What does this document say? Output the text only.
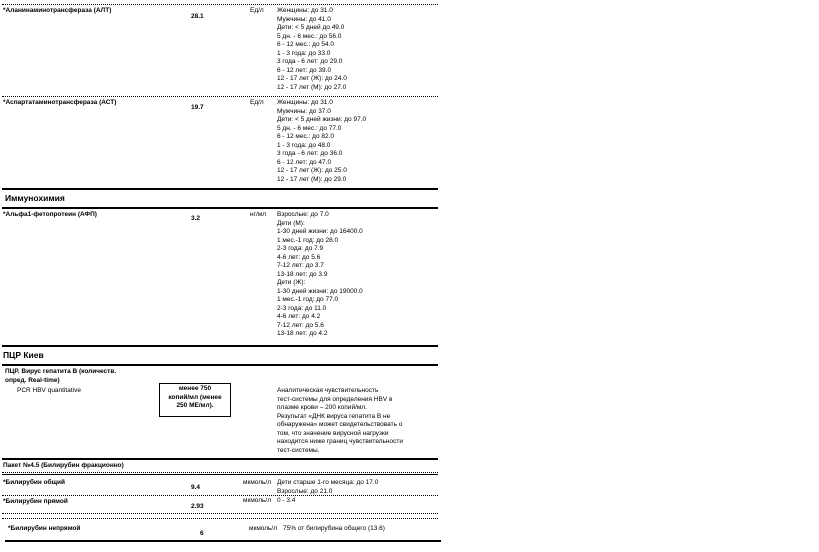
*Аланинаминотрансфераза (АЛТ)
28.1
Ед/л Женщины: до 31.0
Мужчины: до 41.0
Дети: < 5 дней до 49.0
5 дн. - 6 мес.: до 56.0
6 - 12 мес.: до 54.0
1 - 3 года: до 33.0
3 года - 6 лет: до 29.0
6 - 12 лет: до 39.0
12 - 17 лет (Ж): до 24.0
12 - 17 лет (М): до 27.0
*Аспартатаминотрансфераза (АСТ)
19.7
Ед/л Женщины: до 31.0
Мужчины: до 37.0
Дети: < 5 дней жизни: до 97.0
5 дн. - 6 мес.: до 77.0
6 - 12 мес.: до 82.0
1 - 3 года: до 48.0
3 года - 6 лет: до 36.0
6 - 12 лет: до 47.0
12 - 17 лет (Ж): до 25.0
12 - 17 лет (М): до 29.0
Иммунохимия
*Альфа1-фетопротеин (АФП)
3.2
нг/мл Взрослые: до 7.0
Дети (М):
1-30 дней жизни: до 16400.0
1 мес.-1 год: до 28.0
2-3 года: до 7.9
4-6 лет: до 5.6
7-12 лет: до 3.7
13-18 лет: до 3.9
Дети (Ж):
1-30 дней жизни: до 19000.0
1 мес.-1 год: до 77.0
2-3 года: до 11.0
4-6 лет: до 4.2
7-12 лет: до 5.6
13-18 лет: до 4.2
ПЦР Киев
ПЦР. Вирус гепатита В (количеств.
опред. Real-time)
PCR HBV quantitative	менее 750
копий/мл (менее
250 МЕ/мл).
Аналитическая чувствительность
тест-системы для определения HBV в
плазме крови – 200 копий/мл.
Результат «ДНК вируса гепатита В не
обнаружена» может свидетельствовать о
том, что значение вирусной нагрузки
находится ниже границ чувствительности
тест-системы.
Пакет №4.5 (Билирубин фракционно)
*Билирубин общий
9.4
мкмоль/л Дети старше 1-го месяца: до 17.0
Взрослые: до 21.0
*Билирубин прямой
2.93
мкмоль/л 0 - 3.4
*Билирубин непрямой
6
мкмоль/л 75% от билирубина общего (13.6)
